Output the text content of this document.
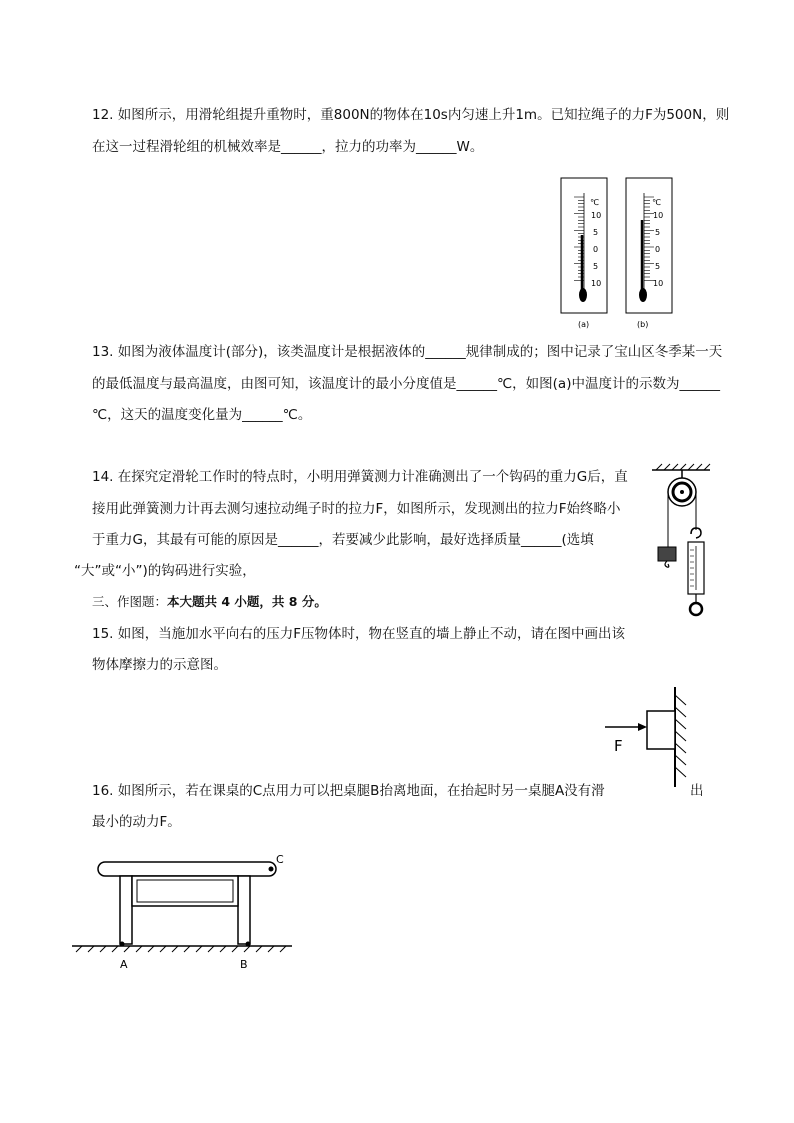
12. 如图所示，用滑轮组提升重物时，重800N的物体在10s内匀速上升1m。已知拉绳子的力F为500N，则
在这一过程滑轮组的机械效率是______，拉力的功率为______W。
℃
10
5
0
5
10
(a)
℃
10
5
0
5
10
(b)
13. 如图为液体温度计(部分)，该类温度计是根据液体的______规律制成的；图中记录了宝山区冬季某一天
的最低温度与最高温度，由图可知，该温度计的最小分度值是______℃，如图(a)中温度计的示数为______
℃，这天的温度变化量为______℃。
14. 在探究定滑轮工作时的特点时，小明用弹簧测力计准确测出了一个钩码的重力G后，直
接用此弹簧测力计再去测匀速拉动绳子时的拉力F，如图所示，发现测出的拉力F始终略小
于重力G，其最有可能的原因是______，若要减少此影响，最好选择质量______(选填
“大”或“小”)的钩码进行实验，
三、作图题：本大题共 4 小题，共 8 分。
15. 如图，当施加水平向右的压力F压物体时，物在竖直的墙上静止不动，请在图中画出该
物体摩擦力的示意图。
F
16. 如图所示，若在课桌的C点用力可以把桌腿B抬离地面，在抬起时另一桌腿A没有滑	出
最小的动力F。
C
A	B
